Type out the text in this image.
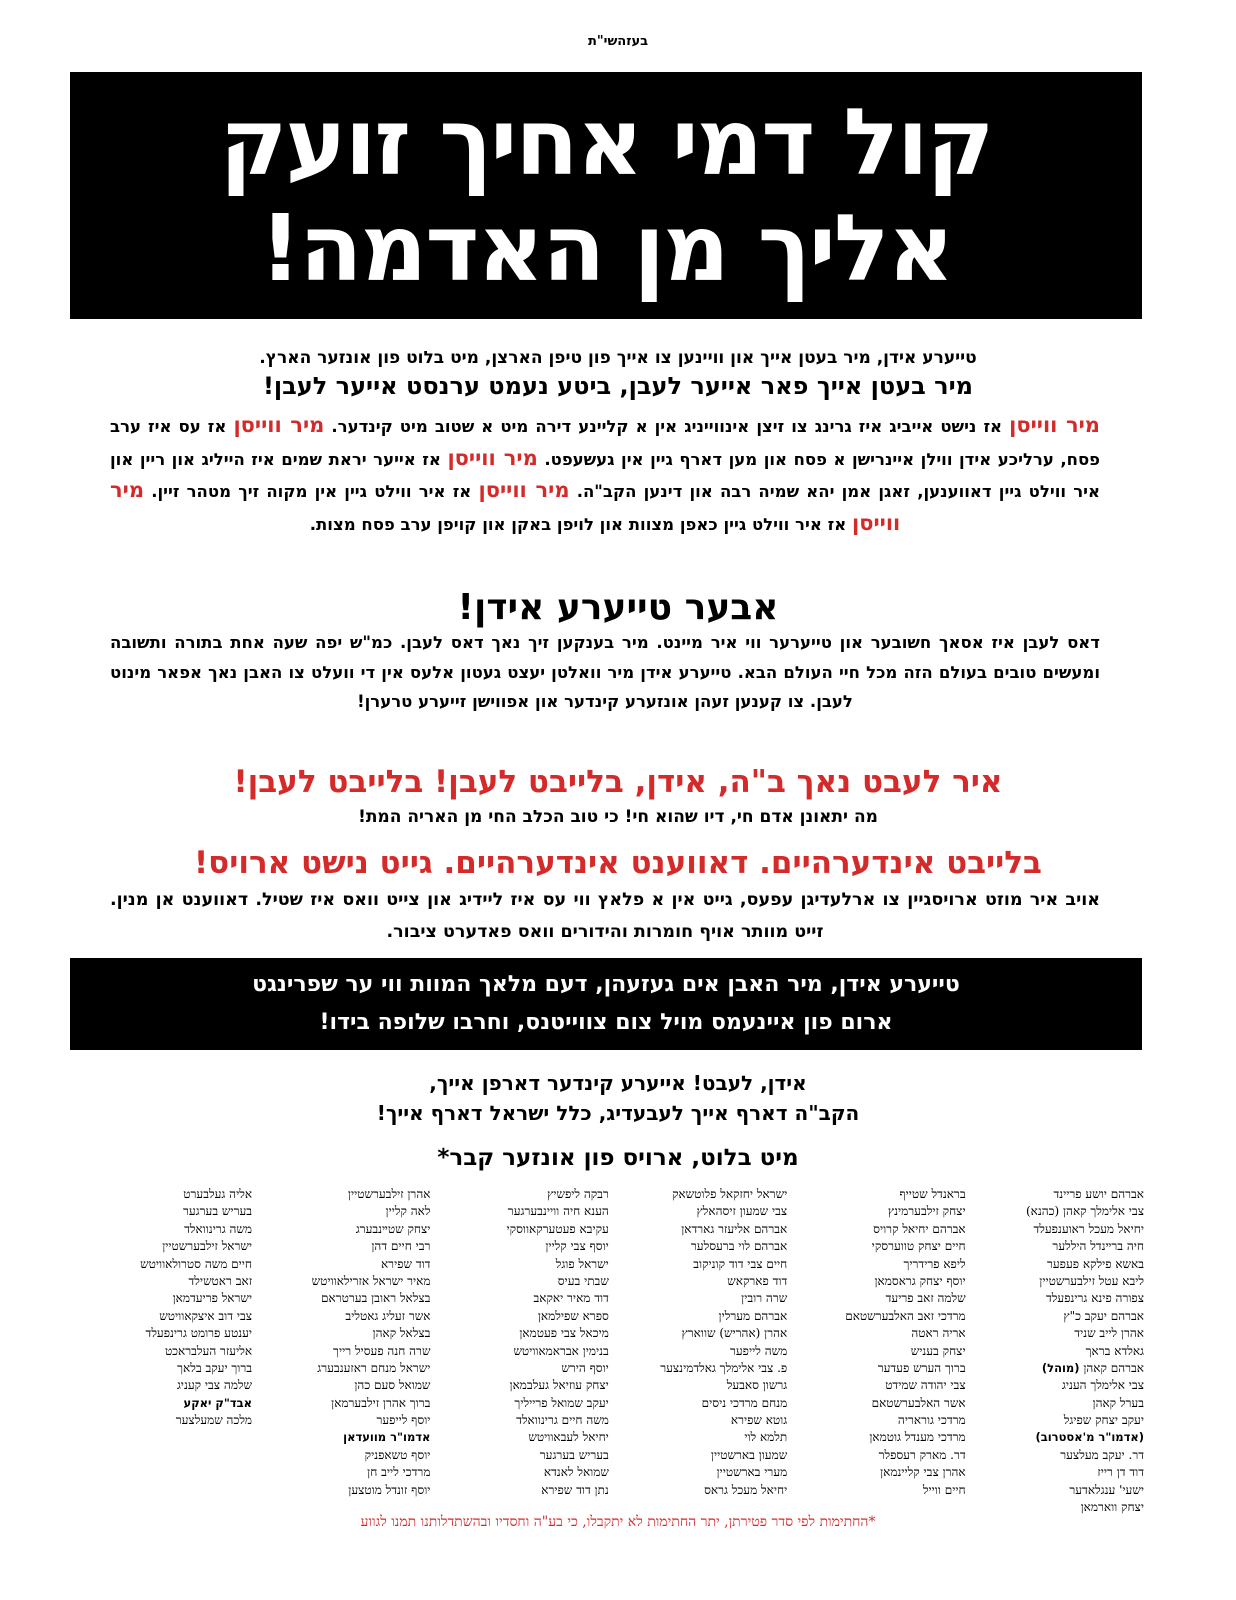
בעזהשי"ת
קול דמי אחיך זועק
אליך מן האדמה!
טייערע אידן, מיר בעטן אייך און וויינען צו אייך פון טיפן הארצן, מיט בלוט פון אונזער הארץ.
מיר בעטן אייך פאר אייער לעבן, ביטע נעמט ערנסט אייער לעבן!
מיר ווייסן אז נישט אייביג איז גרינג צו זיצן אינווייניג אין א קליינע דירה מיט א שטוב מיט קינדער. מיר ווייסן אז עס איז ערב פסח, ערליכע אידן ווילן איינרישן א פסח און מען דארף גיין אין געשעפט. מיר ווייסן אז אייער יראת שמים איז הייליג און ריין און איר ווילט גיין דאווענען, זאגן אמן יהא שמיה רבה און דינען הקב"ה. מיר ווייסן אז איר ווילט גיין אין מקוה זיך מטהר זיין. מיר ווייסן אז איר ווילט גיין כאפן מצוות און לויפן באקן און קויפן ערב פסח מצות.
אבער טייערע אידן!
דאס לעבן איז אסאך חשובער און טייערער ווי איר מיינט. מיר בענקען זיך נאך דאס לעבן. כמ"ש יפה שעה אחת בתורה ותשובה ומעשים טובים בעולם הזה מכל חיי העולם הבא. טייערע אידן מיר וואלטן יעצט געטון אלעס אין די וועלט צו האבן נאך אפאר מינוט לעבן. צו קענען זעהן אונזערע קינדער און אפווישן זייערע טרערן!
איר לעבט נאך ב"ה, אידן, בלייבט לעבן! בלייבט לעבן!
מה יתאונן אדם חי, דיו שהוא חי! כי טוב הכלב החי מן האריה המת!
בלייבט אינדערהיים. דאווענט אינדערהיים. גייט נישט ארויס!
אויב איר מוזט ארויסגיין צו ארלעדיגן עפעס, גייט אין א פלאץ ווי עס איז ליידיג און צייט וואס איז שטיל. דאווענט אן מנין. זייט מוותר אויף חומרות והידורים וואס פאדערט ציבור.
טייערע אידן, מיר האבן אים געזעהן, דעם מלאך המוות ווי ער שפרינגט
ארום פון איינעמס מויל צום צווייטנס, וחרבו שלופה בידו!
אידן, לעבט! אייערע קינדער דארפן אייך,
הקב"ה דארף אייך לעבעדיג, כלל ישראל דארף אייך!
מיט בלוט, ארויס פון אונזער קבר*
אברהם יושע פריינד
צבי אלימלך קאהן (כהנא)
יחיאל מעכל ראוענפעלד
חיה ברײנדל היללער
באשא פילקא פעפער
ליבא עטל זילבערשטיין
צפורה פינא גרינפעלד
אברהם יעקב כ"ץ
אהרן לייב שניד
גאלדא בראך
אברהם קאהן (מוהל)
צבי אלימלך העניג
בערל קאהן
יעקב יצחק שפיגל
(אדמו"ר מ'אסטרוב)
דר. יעקב מעלצער
דוד דן רייז
ישעי' ענגלאדער
יצחק ווארמאן
בראנדל שטייף
יצחק זילבערמינץ
אברהם יחיאל קרויס
חיים יצחק טווערסקי
ליפא פרידריך
יוסף יצחק גראסמאן
שלמה זאב פריעד
מרדכי זאב האלבערשטאם
אריה ראטה
יצחק בעניש
ברוך הערש פעדער
צבי יהודה שמידט
אשר האלבערשטאם
מרדכי גוראריה
מרדכי מענדל גוטמאן
דר. מארק רעספלר
אהרן צבי קליינמאן
חיים ווייל
ישראל יחזקאל פלוטשאק
צבי שמעון זיסהאלץ
אברהם אליעזר גארדאן
אברהם לוי ברעסלער
חיים צבי דוד קוניקוב
דוד פארקאש
שרה רובין
אברהם מערלין
אהרן (אהריש) שווארץ
משה לייפער
פ. צבי אלימלך גאלדמינצער
גרשון סאבעל
מנחם מרדכי ניסים
גוטא שפירא
תלמא לוי
שמעון בארשטיין
מערי בארשטיין
יחיאל מעכל גראס
רבקה ליפשיץ
הענא חיה וויינבערגער
עקיבא פעטערקאווסקי
יוסף צבי קליין
ישראל פוגל
שבתי בעיס
דוד מאיר יאקאב
ספרא שפילמאן
מיכאל צבי פעטמאן
בנימין אבראמאוויטש
יוסף הירש
יצחק עוזיאל געלבמאן
יעקב שמואל פרייליך
משה חיים גרינוואלד
יחיאל לעבאוויטש
בעריש בערגער
שמואל לאנדא
נתן דוד שפירא
אהרן זילבערשטיין
לאה קליין
יצחק שטײנבערג
רבי חיים דהן
דוד שפירא
מאיר ישראל אזרילאוויטש
בצלאל ראובן בערטראם
אשר זעליג גאטליב
בצלאל קאהן
שרה חנה פעסיל רייך
ישראל מנחם ראזענבערג
שמואל סעם כהן
ברוך אהרן זילבערמאן
יוסף לייפער
אדמו"ר מוועדאן
יוסף טשאפניק
מרדכי לייב חן
יוסף זונדל מוטצען
אליה געלבערט
בעריש בערגער
משה גרינוואלד
ישראל זילבערשטיין
חיים משה סטרולאוויטש
זאב ראטשילד
ישראל פריעדמאן
צבי דוב איצקאוויטש
יענטע פרומט גרינפעלד
אליעזר העלבראכט
ברוך יעקב בלאך
שלמה צבי קעניג
אבד"ק יאקע
מלכה שמעלצער
*החתימות לפי סדר פטירתן, יתר החתימות לא יתקבלו, כי בע"ה וחסדיו ובהשתדלותנו תמנו לגווע
